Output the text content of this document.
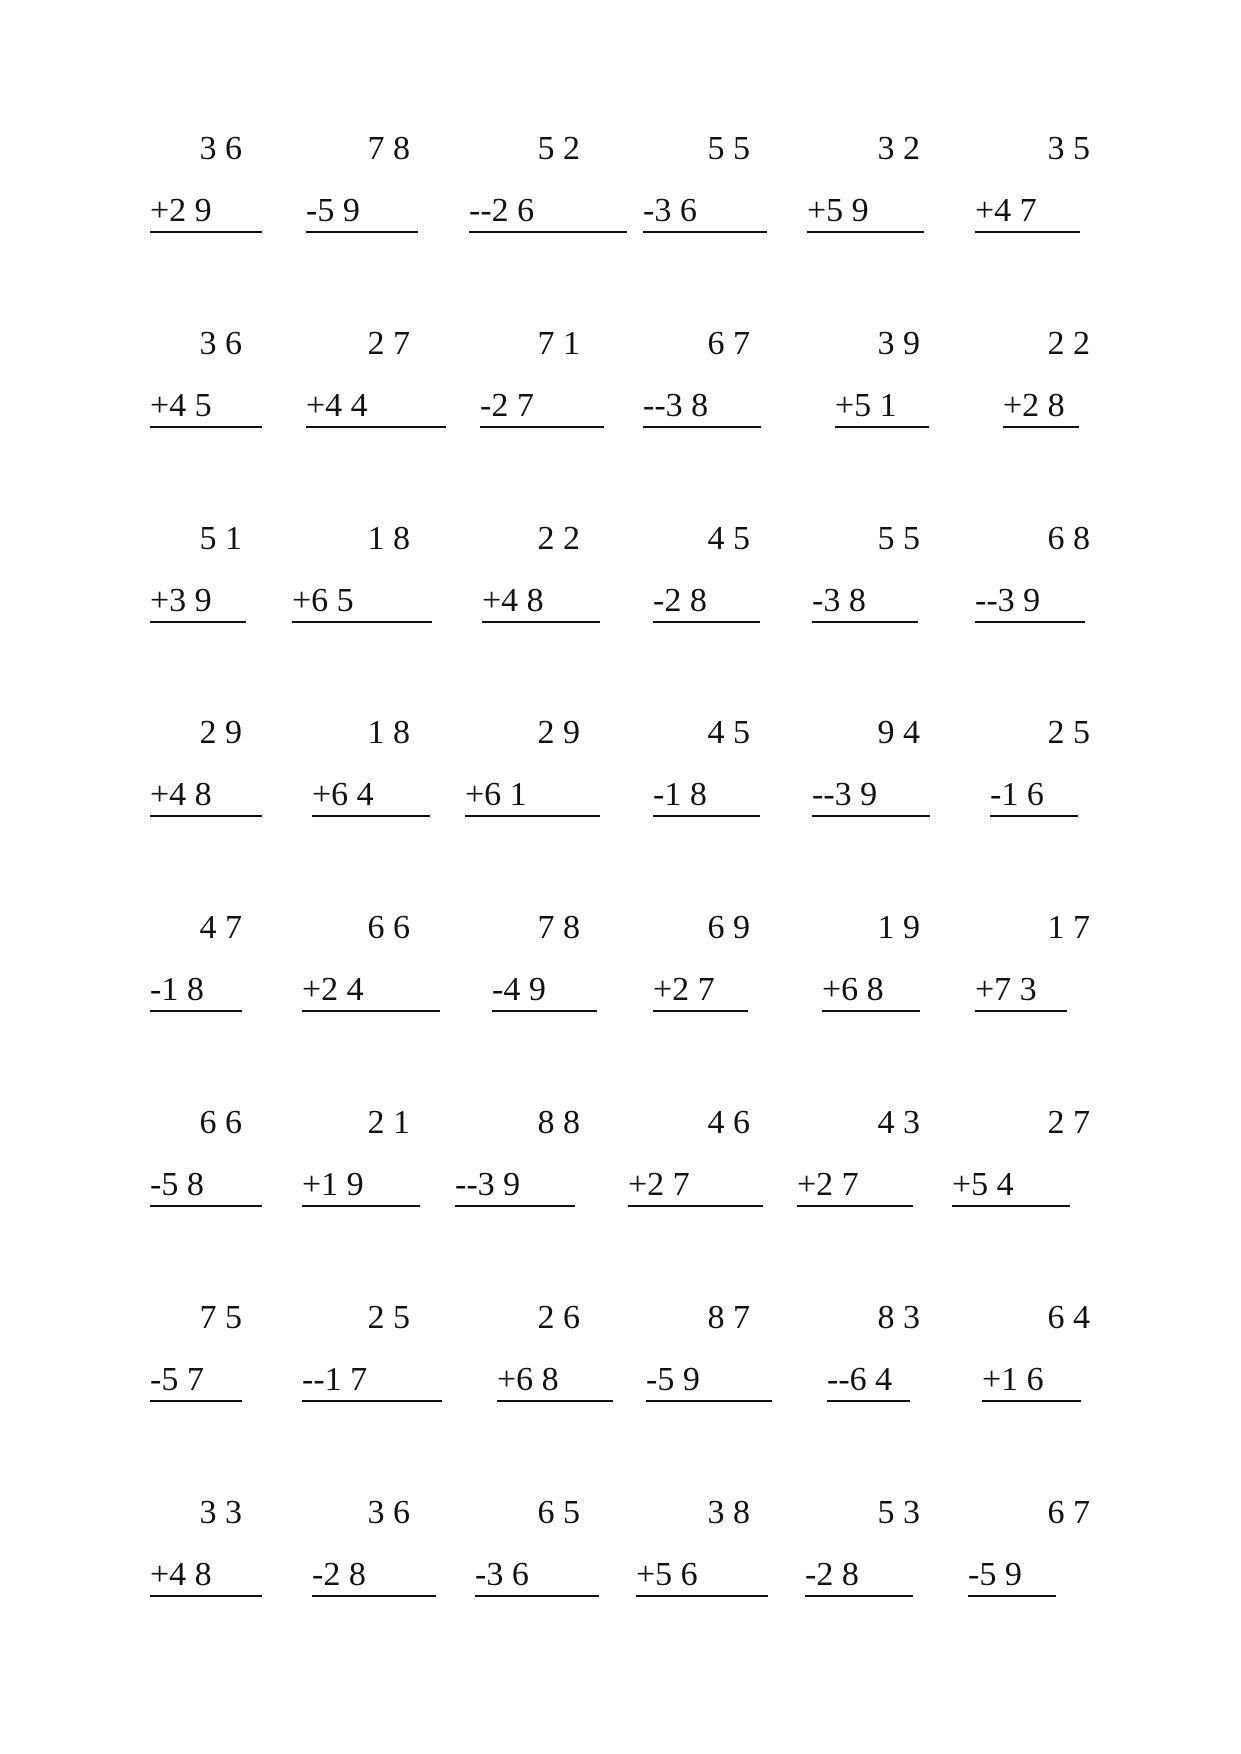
3 6
+2 9
7 8
-5 9
5 2
--2 6
5 5
-3 6
3 2
+5 9
3 5
+4 7
3 6
+4 5
2 7
+4 4
7 1
-2 7
6 7
--3 8
3 9
+5 1
2 2
+2 8
5 1
+3 9
1 8
+6 5
2 2
+4 8
4 5
-2 8
5 5
-3 8
6 8
--3 9
2 9
+4 8
1 8
+6 4
2 9
+6 1
4 5
-1 8
9 4
--3 9
2 5
-1 6
4 7
-1 8
6 6
+2 4
7 8
-4 9
6 9
+2 7
1 9
+6 8
1 7
+7 3
6 6
-5 8
2 1
+1 9
8 8
--3 9
4 6
+2 7
4 3
+2 7
2 7
+5 4
7 5
-5 7
2 5
--1 7
2 6
+6 8
8 7
-5 9
8 3
--6 4
6 4
+1 6
3 3
+4 8
3 6
-2 8
6 5
-3 6
3 8
+5 6
5 3
-2 8
6 7
-5 9
